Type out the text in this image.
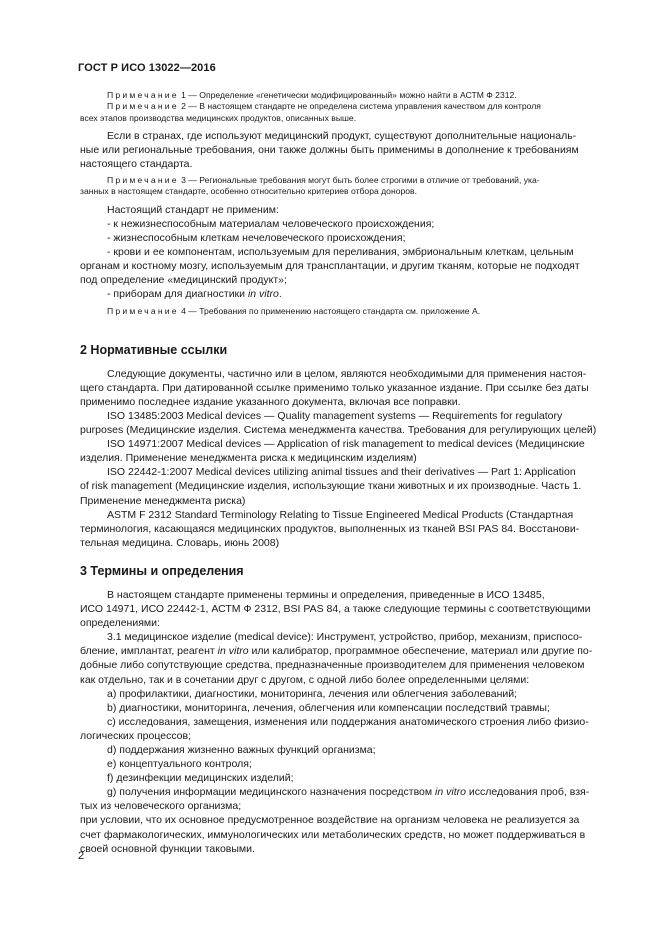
ГОСТ Р ИСО 13022—2016

Примечание 1 — Определение «генетически модифицированный» можно найти в АСТМ Ф 2312.

Примечание 2 — В настоящем стандарте не определена система управления качеством для контроля

всех этапов производства медицинских продуктов, описанных выше.

Если в странах, где используют медицинский продукт, существуют дополнительные националь-

ные или региональные требования, они также должны быть применимы в дополнение к требованиям

настоящего стандарта.

Примечание 3 — Региональные требования могут быть более строгими в отличие от требований, ука-

занных в настоящем стандарте, особенно относительно критериев отбора доноров.

Настоящий стандарт не применим:

- к нежизнеспособным материалам человеческого происхождения;

- жизнеспособным клеткам нечеловеческого происхождения;

- крови и ее компонентам, используемым для переливания, эмбриональным клеткам, цельным

органам и костному мозгу, используемым для трансплантации, и другим тканям, которые не подходят

под определение «медицинский продукт»;

- приборам для диагностики in vitro.

Примечание 4 — Требования по применению настоящего стандарта см. приложение А.

2 Нормативные ссылки

Следующие документы, частично или в целом, являются необходимыми для применения настоя-

щего стандарта. При датированной ссылке применимо только указанное издание. При ссылке без даты

применимо последнее издание указанного документа, включая все поправки.

ISO 13485:2003 Medical devices — Quality management systems — Requirements for regulatory

purposes (Медицинские изделия. Система менеджмента качества. Требования для регулирующих целей)

ISO 14971:2007 Medical devices — Application of risk management to medical devices (Медицинские

изделия. Применение менеджмента риска к медицинским изделиям)

ISO 22442-1:2007 Medical devices utilizing animal tissues and their derivatives — Part 1: Application

of risk management (Медицинские изделия, использующие ткани животных и их производные. Часть 1.

Применение менеджмента риска)

ASTM F 2312 Standard Terminology Relating to Tissue Engineered Medical Products (Стандартная

терминология, касающаяся медицинских продуктов, выполненных из тканей BSI PAS 84. Восстанови-

тельная медицина. Словарь, июнь 2008)

3 Термины и определения

В настоящем стандарте применены термины и определения, приведенные в ИСО 13485,

ИСО 14971, ИСО 22442-1, АСТМ Ф 2312, BSI PAS 84, а также следующие термины с соответствующими

определениями:

3.1 медицинское изделие (medical device): Инструмент, устройство, прибор, механизм, приспосо-

бление, имплантат, реагент in vitro или калибратор, программное обеспечение, материал или другие по-

добные либо сопутствующие средства, предназначенные производителем для применения человеком

как отдельно, так и в сочетании друг с другом, с одной либо более определенными целями:

a) профилактики, диагностики, мониторинга, лечения или облегчения заболеваний;

b) диагностики, мониторинга, лечения, облегчения или компенсации последствий травмы;

c) исследования, замещения, изменения или поддержания анатомического строения либо физио-

логических процессов;

d) поддержания жизненно важных функций организма;

e) концептуального контроля;

f) дезинфекции медицинских изделий;

g) получения информации медицинского назначения посредством in vitro исследования проб, взя-

тых из человеческого организма;

при условии, что их основное предусмотренное воздействие на организм человека не реализуется за

счет фармакологических, иммунологических или метаболических средств, но может поддерживаться в

своей основной функции таковыми.

2
